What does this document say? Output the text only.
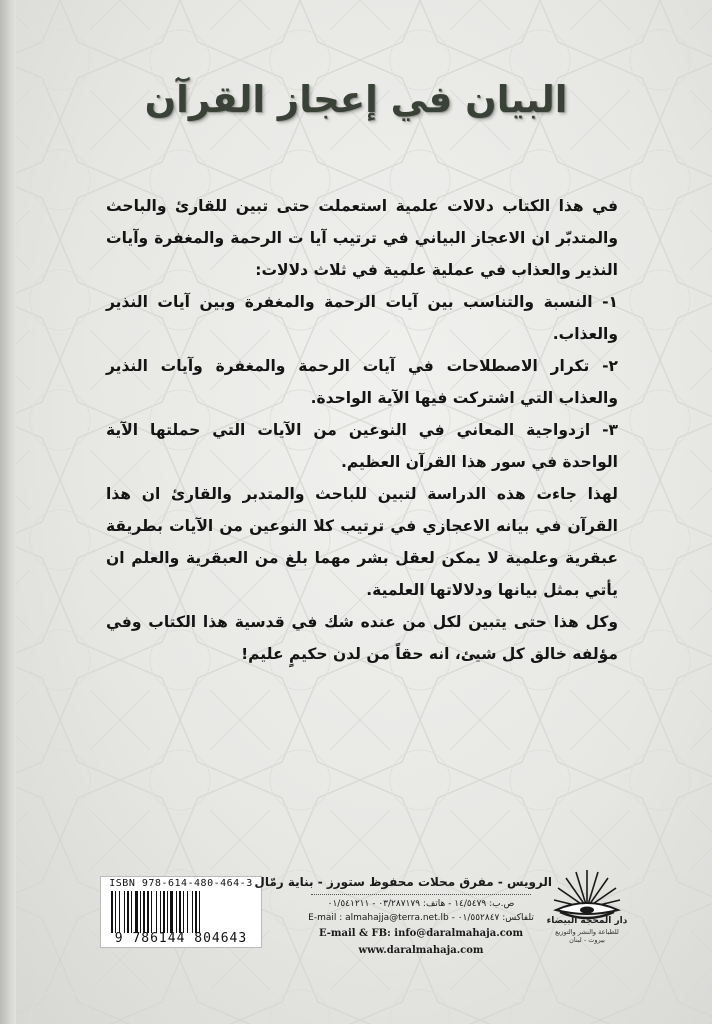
البيان في إعجاز القرآن

في هذا الكتاب دلالات علمية استعملت حتى تبين للقارئ والباحث والمتدبّر ان الاعجاز البياني في ترتيب آيا ت الرحمة والمغفرة وآيات النذير والعذاب في عملية علمية في ثلاث دلالات:

١- النسبة والتناسب بين آيات الرحمة والمغفرة وبين آيات النذير والعذاب.

٢- تكرار الاصطلاحات في آيات الرحمة والمغفرة وآيات النذير والعذاب التي اشتركت فيها الآية الواحدة.

٣- ازدواجية المعاني في النوعين من الآيات التي حملتها الآية الواحدة في سور هذا القرآن العظيم.

لهذا جاءت هذه الدراسة لتبين للباحث والمتدبر والقارئ ان هذا القرآن في بيانه الاعجازي في ترتيب كلا النوعين من الآيات بطريقة عبقرية وعلمية لا يمكن لعقل بشر مهما بلغ من العبقرية والعلم ان يأتي بمثل بيانها ودلالاتها العلمية.

وكل هذا حتى يتبين لكل من عنده شك في قدسية هذا الكتاب وفي مؤلفه خالق كل شيئ، انه حقاً من لدن حكيمٍ عليم!

ISBN 978-614-480-464-3
9 786144 804643
الرويس - مفرق محلات محفوظ ستورز - بناية رمّال
ص.ب: ١٤/٥٤٧٩ - هاتف: ٠٣/٢٨٧١٧٩ - ٠١/٥٤١٢١١
تلفاكس: ٠١/٥٥٢٨٤٧ - E-mail : almahajja@terra.net.lb
E-mail & FB: info@daralmahaja.com
www.daralmahaja.com
دار المحجة البيضاء
للطباعة والنشر والتوزيع
بيروت - لبنان
